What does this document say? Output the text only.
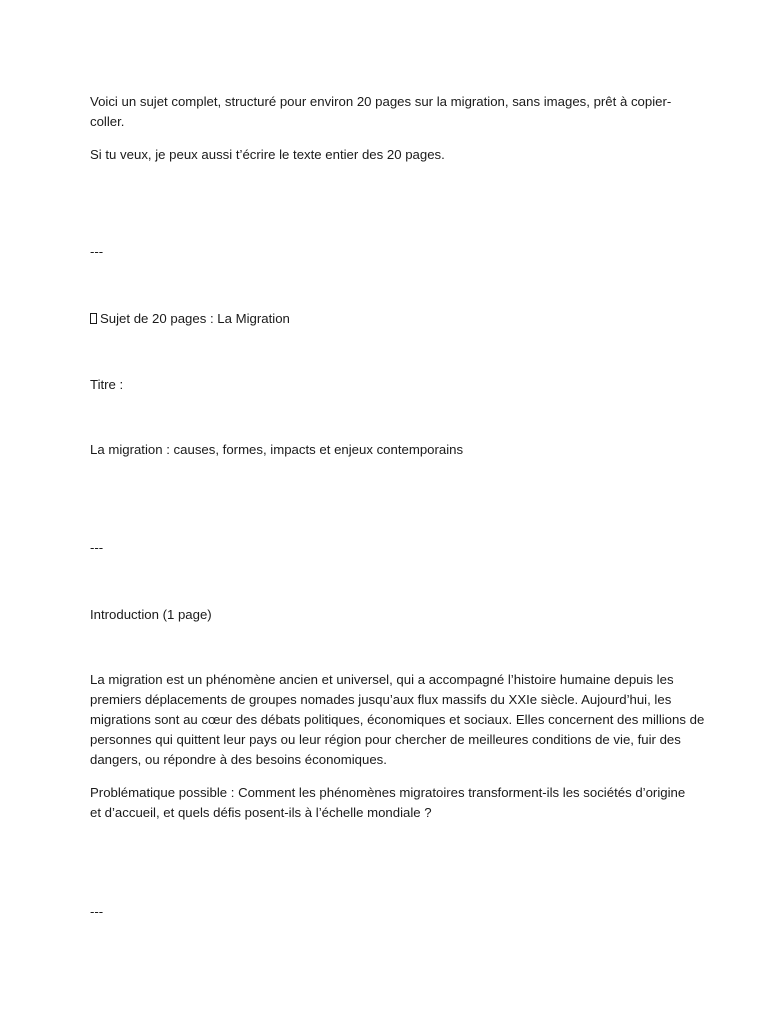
Voici un sujet complet, structuré pour environ 20 pages sur la migration, sans images, prêt à copier-
coller.

Si tu veux, je peux aussi t’écrire le texte entier des 20 pages.

---

Sujet de 20 pages : La Migration

Titre :

La migration : causes, formes, impacts et enjeux contemporains

---

Introduction (1 page)

La migration est un phénomène ancien et universel, qui a accompagné l’histoire humaine depuis les
premiers déplacements de groupes nomades jusqu’aux flux massifs du XXIe siècle. Aujourd’hui, les
migrations sont au cœur des débats politiques, économiques et sociaux. Elles concernent des millions de
personnes qui quittent leur pays ou leur région pour chercher de meilleures conditions de vie, fuir des
dangers, ou répondre à des besoins économiques.

Problématique possible : Comment les phénomènes migratoires transforment-ils les sociétés d’origine
et d’accueil, et quels défis posent-ils à l’échelle mondiale ?

---
